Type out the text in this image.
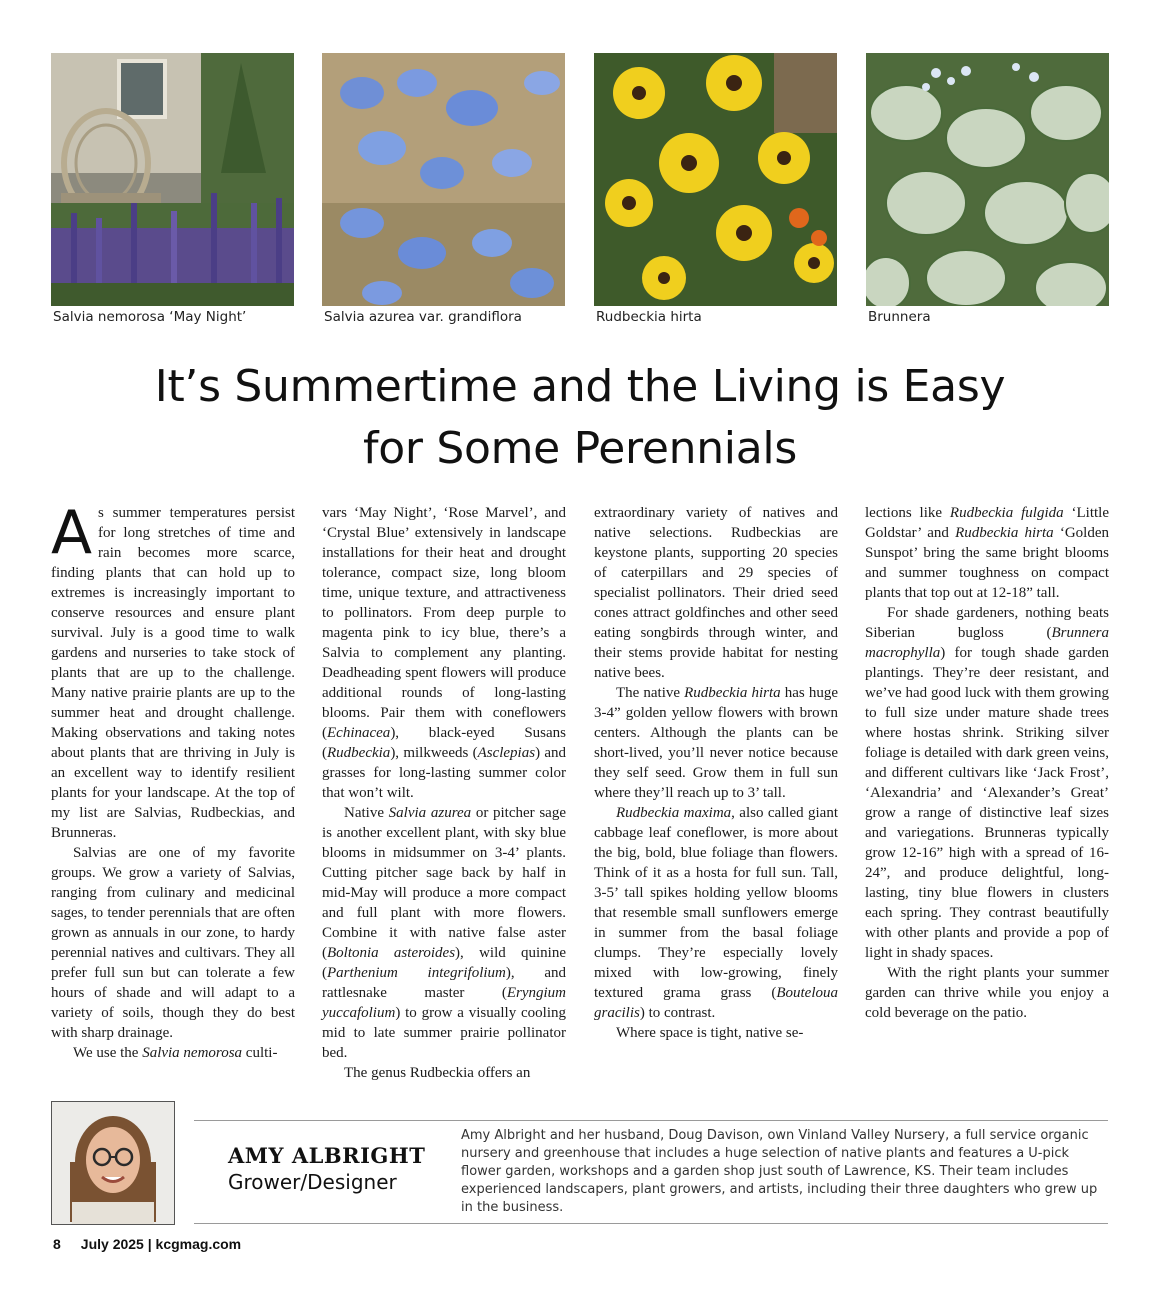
Salvia nemorosa ‘May Night’	Salvia azurea var. grandiflora	Rudbeckia hirta	Brunnera
It’s Summertime and the Living is Easy
for Some Perennials

As summer temperatures persist for long stretches of time and rain becomes more scarce, finding plants that can hold up to extremes is increasingly important to conserve resources and ensure plant survival. July is a good time to walk gardens and nurseries to take stock of plants that are up to the challenge. Many native prairie plants are up to the summer heat and drought challenge. Making observations and taking notes about plants that are thriving in July is an excellent way to identify resilient plants for your landscape. At the top of my list are Salvias, Rudbeckias, and Brunneras.

Salvias are one of my favorite groups. We grow a variety of Salvias, ranging from culinary and medicinal sages, to tender perennials that are often grown as annuals in our zone, to hardy perennial natives and cultivars. They all prefer full sun but can tolerate a few hours of shade and will adapt to a variety of soils, though they do best with sharp drainage.

We use the Salvia nemorosa culti-

vars ‘May Night’, ‘Rose Marvel’, and ‘Crystal Blue’ extensively in landscape installations for their heat and drought tolerance, compact size, long bloom time, unique texture, and attractiveness to pollinators. From deep purple to magenta pink to icy blue, there’s a Salvia to complement any planting. Deadheading spent flowers will produce additional rounds of long-lasting blooms. Pair them with coneflowers (Echinacea), black-eyed Susans (Rudbeckia), milkweeds (Asclepias) and grasses for long-lasting summer color that won’t wilt.

Native Salvia azurea or pitcher sage is another excellent plant, with sky blue blooms in midsummer on 3-4’ plants. Cutting pitcher sage back by half in mid-May will produce a more compact and full plant with more flowers. Combine it with native false aster (Boltonia asteroides), wild quinine (Parthenium integrifolium), and rattlesnake master (Eryngium yuccafolium) to grow a visually cooling mid to late summer prairie pollinator bed.

The genus Rudbeckia offers an

extraordinary variety of natives and native selections. Rudbeckias are keystone plants, supporting 20 species of caterpillars and 29 species of specialist pollinators. Their dried seed cones attract goldfinches and other seed eating songbirds through winter, and their stems provide habitat for nesting native bees.

The native Rudbeckia hirta has huge 3-4” golden yellow flowers with brown centers. Although the plants can be short-lived, you’ll never notice because they self seed. Grow them in full sun where they’ll reach up to 3’ tall.

Rudbeckia maxima, also called giant cabbage leaf coneflower, is more about the big, bold, blue foliage than flowers. Think of it as a hosta for full sun. Tall, 3-5’ tall spikes holding yellow blooms that resemble small sunflowers emerge in summer from the basal foliage clumps. They’re especially lovely mixed with low-growing, finely textured grama grass (Bouteloua gracilis) to contrast.

Where space is tight, native se-

lections like Rudbeckia fulgida ‘Little Goldstar’ and Rudbeckia hirta ‘Golden Sunspot’ bring the same bright blooms and summer toughness on compact plants that top out at 12-18” tall.

For shade gardeners, nothing beats Siberian bugloss (Brunnera macrophylla) for tough shade garden plantings. They’re deer resistant, and we’ve had good luck with them growing to full size under mature shade trees where hostas shrink. Striking silver foliage is detailed with dark green veins, and different cultivars like ‘Jack Frost’, ‘Alexandria’ and ‘Alexander’s Great’ grow a range of distinctive leaf sizes and variegations. Brunneras typically grow 12-16” high with a spread of 16-24”, and produce delightful, long-lasting, tiny blue flowers in clusters each spring. They contrast beautifully with other plants and provide a pop of light in shady spaces.

With the right plants your summer garden can thrive while you enjoy a cold beverage on the patio.

AMY ALBRIGHT
Grower/Designer
Amy Albright and her husband, Doug Davison, own Vinland Valley Nursery, a full service organic nursery and greenhouse that includes a huge selection of native plants and features a U-pick flower garden, workshops and a garden shop just south of Lawrence, KS. Their team includes experienced landscapers, plant growers, and artists, including their three daughters who grew up in the business.
8 July 2025 | kcgmag.com
